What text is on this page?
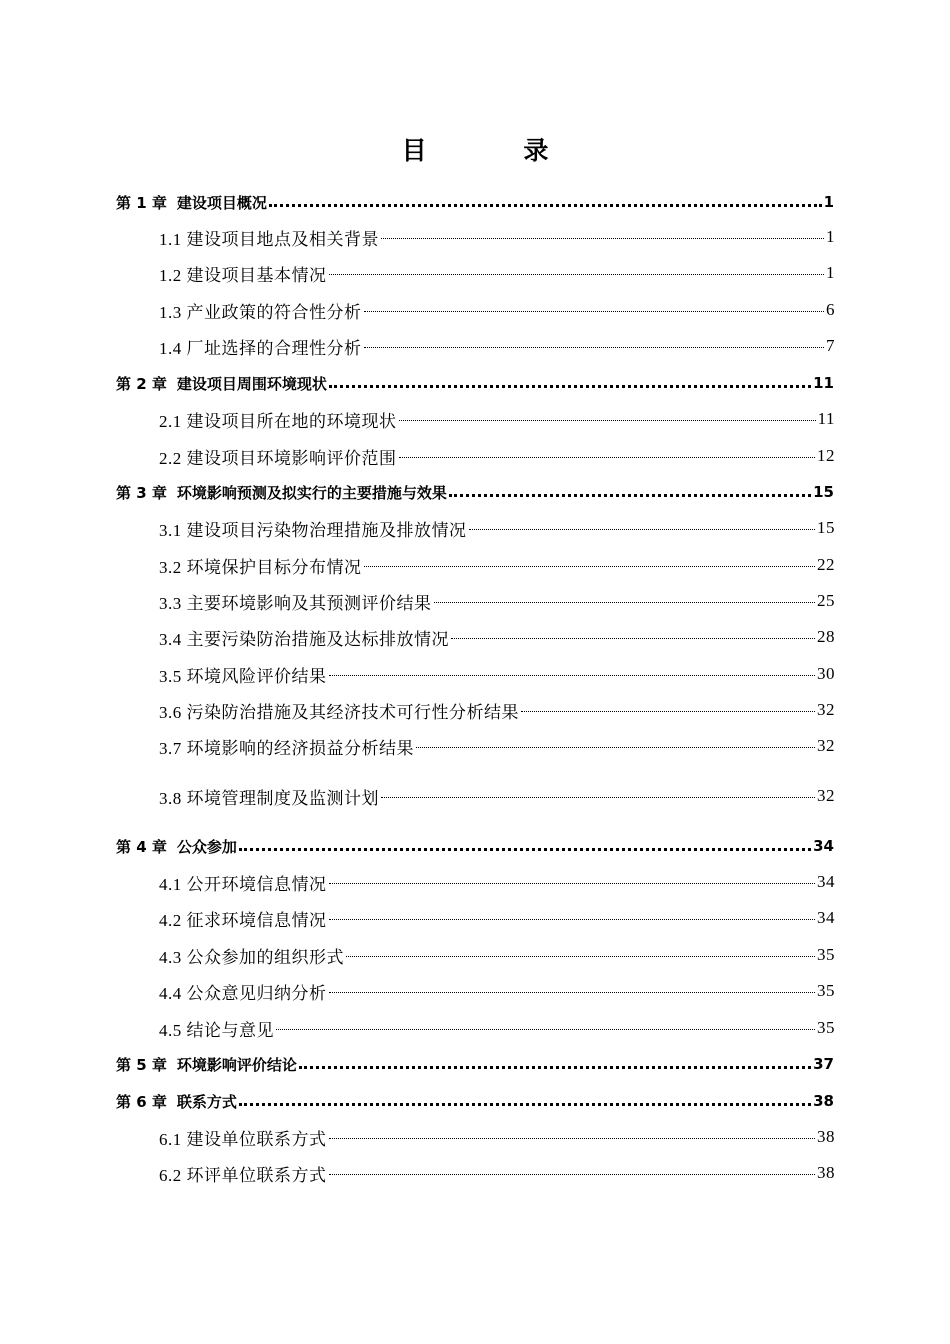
目 录
第 1 章 建设项目概况	1
1.1 建设项目地点及相关背景	1
1.2 建设项目基本情况	1
1.3 产业政策的符合性分析	6
1.4 厂址选择的合理性分析	7
第 2 章 建设项目周围环境现状	11
2.1 建设项目所在地的环境现状	11
2.2 建设项目环境影响评价范围	12
第 3 章 环境影响预测及拟实行的主要措施与效果	15
3.1 建设项目污染物治理措施及排放情况	15
3.2 环境保护目标分布情况	22
3.3 主要环境影响及其预测评价结果	25
3.4 主要污染防治措施及达标排放情况	28
3.5 环境风险评价结果	30
3.6 污染防治措施及其经济技术可行性分析结果	32
3.7 环境影响的经济损益分析结果	32
3.8 环境管理制度及监测计划	32
第 4 章 公众参加	34
4.1 公开环境信息情况	34
4.2 征求环境信息情况	34
4.3 公众参加的组织形式	35
4.4 公众意见归纳分析	35
4.5 结论与意见	35
第 5 章 环境影响评价结论	37
第 6 章 联系方式	38
6.1 建设单位联系方式	38
6.2 环评单位联系方式	38
